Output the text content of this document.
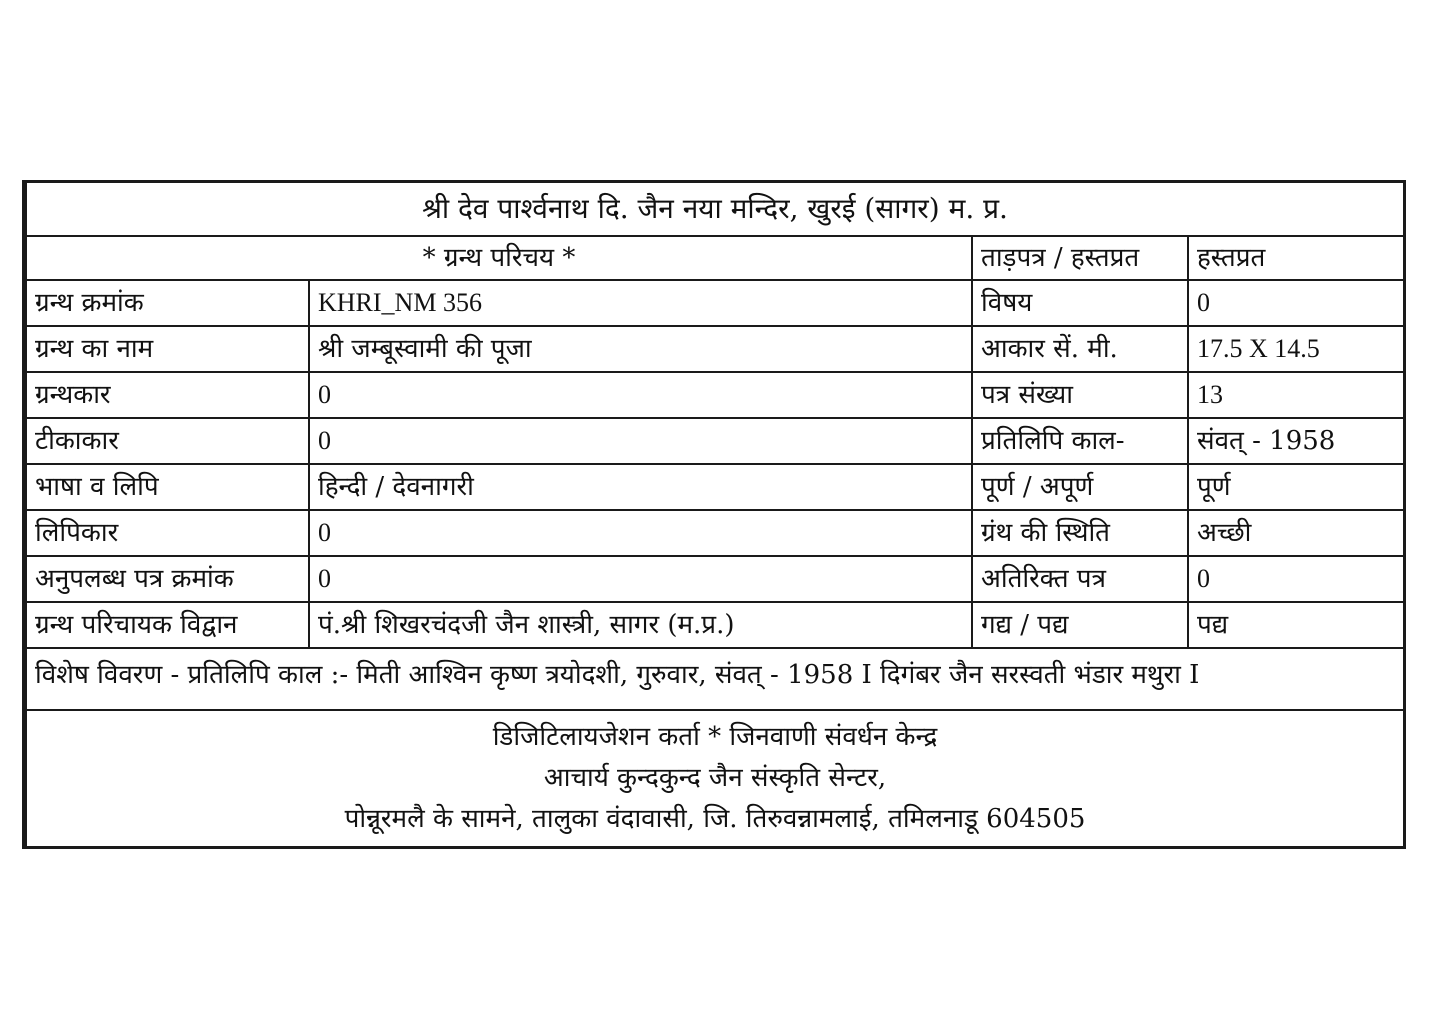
श्री देव पार्श्वनाथ दि. जैन नया मन्दिर, खुरई (सागर) म. प्र.			
* ग्रन्थ परिचय *		ताड़पत्र / हस्तप्रत	हस्तप्रत
ग्रन्थ क्रमांक	KHRI_NM 356	विषय	0
ग्रन्थ का नाम	श्री जम्बूस्वामी की पूजा	आकार सें. मी.	17.5 X 14.5
ग्रन्थकार	0	पत्र संख्या	13
टीकाकार	0	प्रतिलिपि काल-	संवत् - 1958
भाषा व लिपि	हिन्दी / देवनागरी	पूर्ण / अपूर्ण	पूर्ण
लिपिकार	0	ग्रंथ की स्थिति	अच्छी
अनुपलब्ध पत्र क्रमांक	0	अतिरिक्त पत्र	0
ग्रन्थ परिचायक विद्वान	पं.श्री शिखरचंदजी जैन शास्त्री, सागर (म.प्र.)	गद्य / पद्य	पद्य
विशेष विवरण - प्रतिलिपि काल :- मिती आश्विन कृष्ण त्रयोदशी, गुरुवार, संवत् - 1958 I दिगंबर जैन सरस्वती भंडार मथुरा I			

डिजिटिलायजेशन कर्ता * जिनवाणी संवर्धन केन्द्र
आचार्य कुन्दकुन्द जैन संस्कृति सेन्टर,
पोन्नूरमलै के सामने, तालुका वंदावासी, जि. तिरुवन्नामलाई, तमिलनाडू 604505			
